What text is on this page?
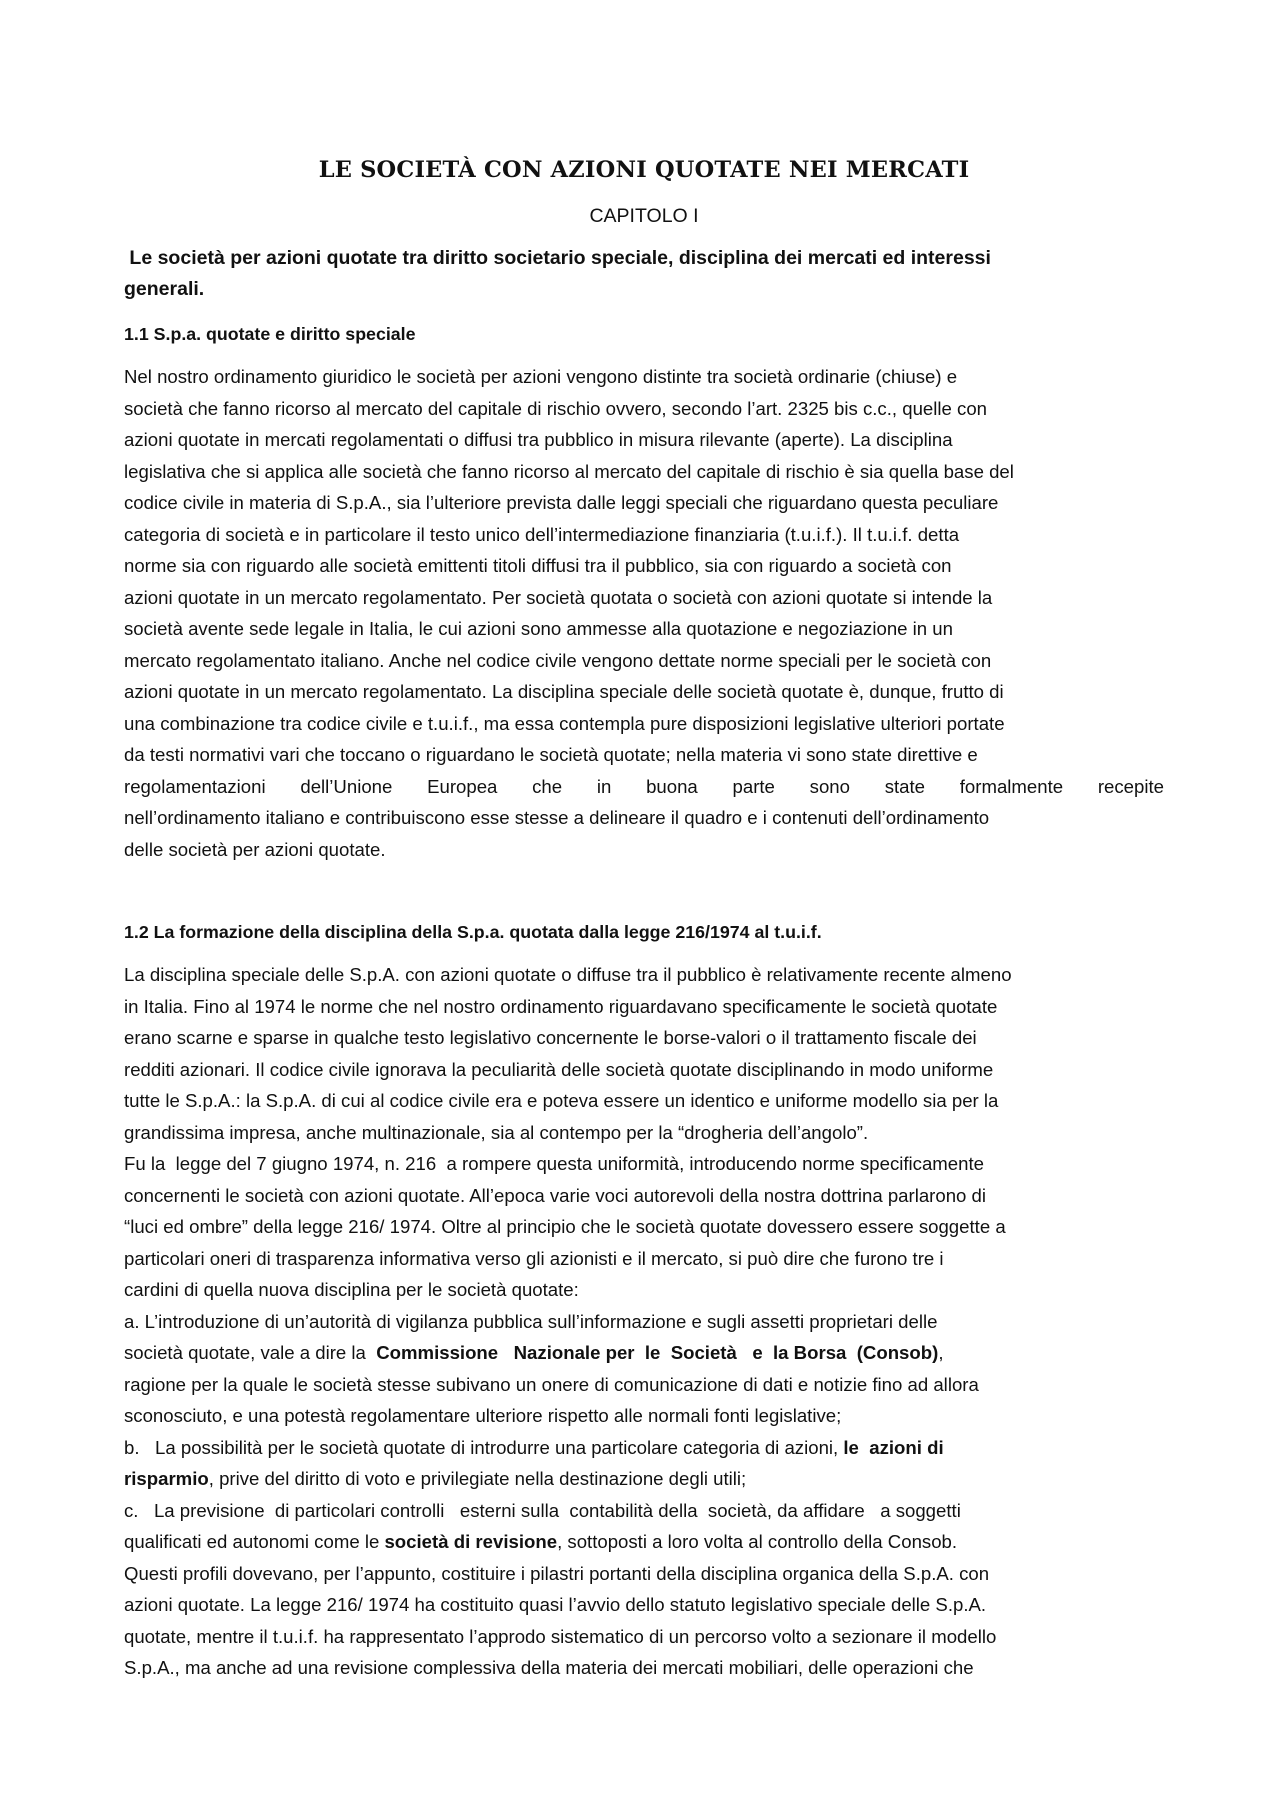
LE SOCIETÀ CON AZIONI QUOTATE NEI MERCATI
CAPITOLO I
Le società per azioni quotate tra diritto societario speciale, disciplina dei mercati ed interessi
generali.
1.1 S.p.a. quotate e diritto speciale
Nel nostro ordinamento giuridico le società per azioni vengono distinte tra società ordinarie (chiuse) e
società che fanno ricorso al mercato del capitale di rischio ovvero, secondo l’art. 2325 bis c.c., quelle con
azioni quotate in mercati regolamentati o diffusi tra pubblico in misura rilevante (aperte). La disciplina
legislativa che si applica alle società che fanno ricorso al mercato del capitale di rischio è sia quella base del
codice civile in materia di S.p.A., sia l’ulteriore prevista dalle leggi speciali che riguardano questa peculiare
categoria di società e in particolare il testo unico dell’intermediazione finanziaria (t.u.i.f.). Il t.u.i.f. detta
norme sia con riguardo alle società emittenti titoli diffusi tra il pubblico, sia con riguardo a società con
azioni quotate in un mercato regolamentato. Per società quotata o società con azioni quotate si intende la
società avente sede legale in Italia, le cui azioni sono ammesse alla quotazione e negoziazione in un
mercato regolamentato italiano. Anche nel codice civile vengono dettate norme speciali per le società con
azioni quotate in un mercato regolamentato. La disciplina speciale delle società quotate è, dunque, frutto di
una combinazione tra codice civile e t.u.i.f., ma essa contempla pure disposizioni legislative ulteriori portate
da testi normativi vari che toccano o riguardano le società quotate; nella materia vi sono state direttive e
regolamentazioni dell’Unione Europea che in buona parte sono state formalmente recepite
nell’ordinamento italiano e contribuiscono esse stesse a delineare il quadro e i contenuti dell’ordinamento
delle società per azioni quotate.
1.2 La formazione della disciplina della S.p.a. quotata dalla legge 216/1974 al t.u.i.f.
La disciplina speciale delle S.p.A. con azioni quotate o diffuse tra il pubblico è relativamente recente almeno
in Italia. Fino al 1974 le norme che nel nostro ordinamento riguardavano specificamente le società quotate
erano scarne e sparse in qualche testo legislativo concernente le borse-valori o il trattamento fiscale dei
redditi azionari. Il codice civile ignorava la peculiarità delle società quotate disciplinando in modo uniforme
tutte le S.p.A.: la S.p.A. di cui al codice civile era e poteva essere un identico e uniforme modello sia per la
grandissima impresa, anche multinazionale, sia al contempo per la “drogheria dell’angolo”.
Fu la  legge del 7 giugno 1974, n. 216  a rompere questa uniformità, introducendo norme specificamente
concernenti le società con azioni quotate. All’epoca varie voci autorevoli della nostra dottrina parlarono di
“luci ed ombre” della legge 216/ 1974. Oltre al principio che le società quotate dovessero essere soggette a
particolari oneri di trasparenza informativa verso gli azionisti e il mercato, si può dire che furono tre i
cardini di quella nuova disciplina per le società quotate:
a. L’introduzione di un’autorità di vigilanza pubblica sull’informazione e sugli assetti proprietari delle
società quotate, vale a dire la  Commissione   Nazionale per  le  Società   e  la Borsa  (Consob),
ragione per la quale le società stesse subivano un onere di comunicazione di dati e notizie fino ad allora
sconosciuto, e una potestà regolamentare ulteriore rispetto alle normali fonti legislative;
b.   La possibilità per le società quotate di introdurre una particolare categoria di azioni, le  azioni di
risparmio, prive del diritto di voto e privilegiate nella destinazione degli utili;
c.   La previsione  di particolari controlli   esterni sulla  contabilità della  società, da affidare   a soggetti
qualificati ed autonomi come le società di revisione, sottoposti a loro volta al controllo della Consob.
Questi profili dovevano, per l’appunto, costituire i pilastri portanti della disciplina organica della S.p.A. con
azioni quotate. La legge 216/ 1974 ha costituito quasi l’avvio dello statuto legislativo speciale delle S.p.A.
quotate, mentre il t.u.i.f. ha rappresentato l’approdo sistematico di un percorso volto a sezionare il modello
S.p.A., ma anche ad una revisione complessiva della materia dei mercati mobiliari, delle operazioni che
